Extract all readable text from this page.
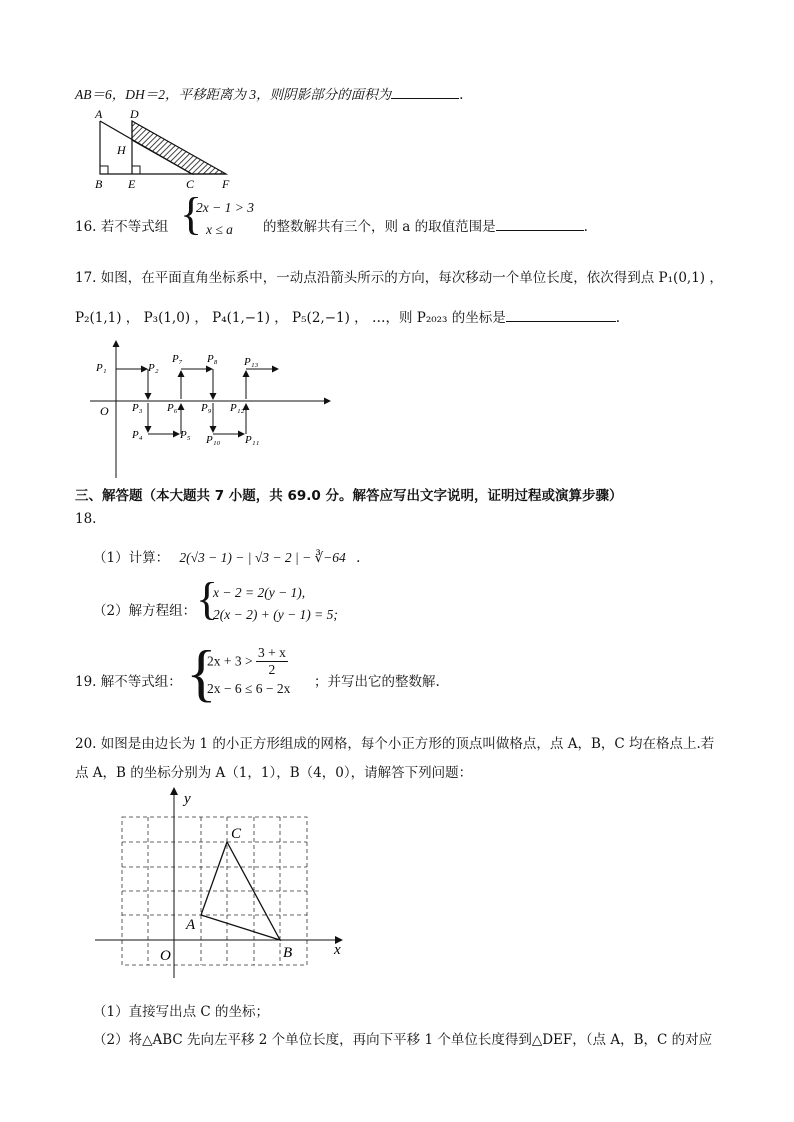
AB＝6，DH＝2，平移距离为 3，则阴影部分的面积为	.
A D
H
B E	C F
16. 若不等式组 {
2x − 1 > 3
x ≤ a	的整数解共有三个，则 a 的取值范围是	.
17. 如图，在平面直角坐标系中，一动点沿箭头所示的方向，每次移动一个单位长度，依次得到点 P₁(0,1) ，
P₂(1,1) ， P₃(1,0) ， P₄(1,−1) ， P₅(2,−1) ， …，则 P₂₀₂₃ 的坐标是	.
O
P₁	P₂
P₃
P₄	P₅
P₆
P₇ P₈
P₉
P₁₀ P₁₁
P₁₂
P₁₃
三、解答题（本大题共 7 小题，共 69.0 分。解答应写出文字说明，证明过程或演算步骤）
18.
（1）计算： 2(√3 − 1) − | √3 − 2 | − ∛−64 .
（2）解方程组： {
x − 2 = 2(y − 1),
2(x − 2) + (y − 1) = 5;
19. 解不等式组： {
$2x + 3 > \frac{3 + x}{2}$
2x − 6 ≤ 6 − 2x ；并写出它的整数解.
20. 如图是由边长为 1 的小正方形组成的网格，每个小正方形的顶点叫做格点，点 A，B，C 均在格点上.若
点 A，B 的坐标分别为 A（1，1），B（4，0），请解答下列问题：
y
x
O
A
B
C
（1）直接写出点 C 的坐标；
（2）将△ABC 先向左平移 2 个单位长度，再向下平移 1 个单位长度得到△DEF，（点 A，B，C 的对应
